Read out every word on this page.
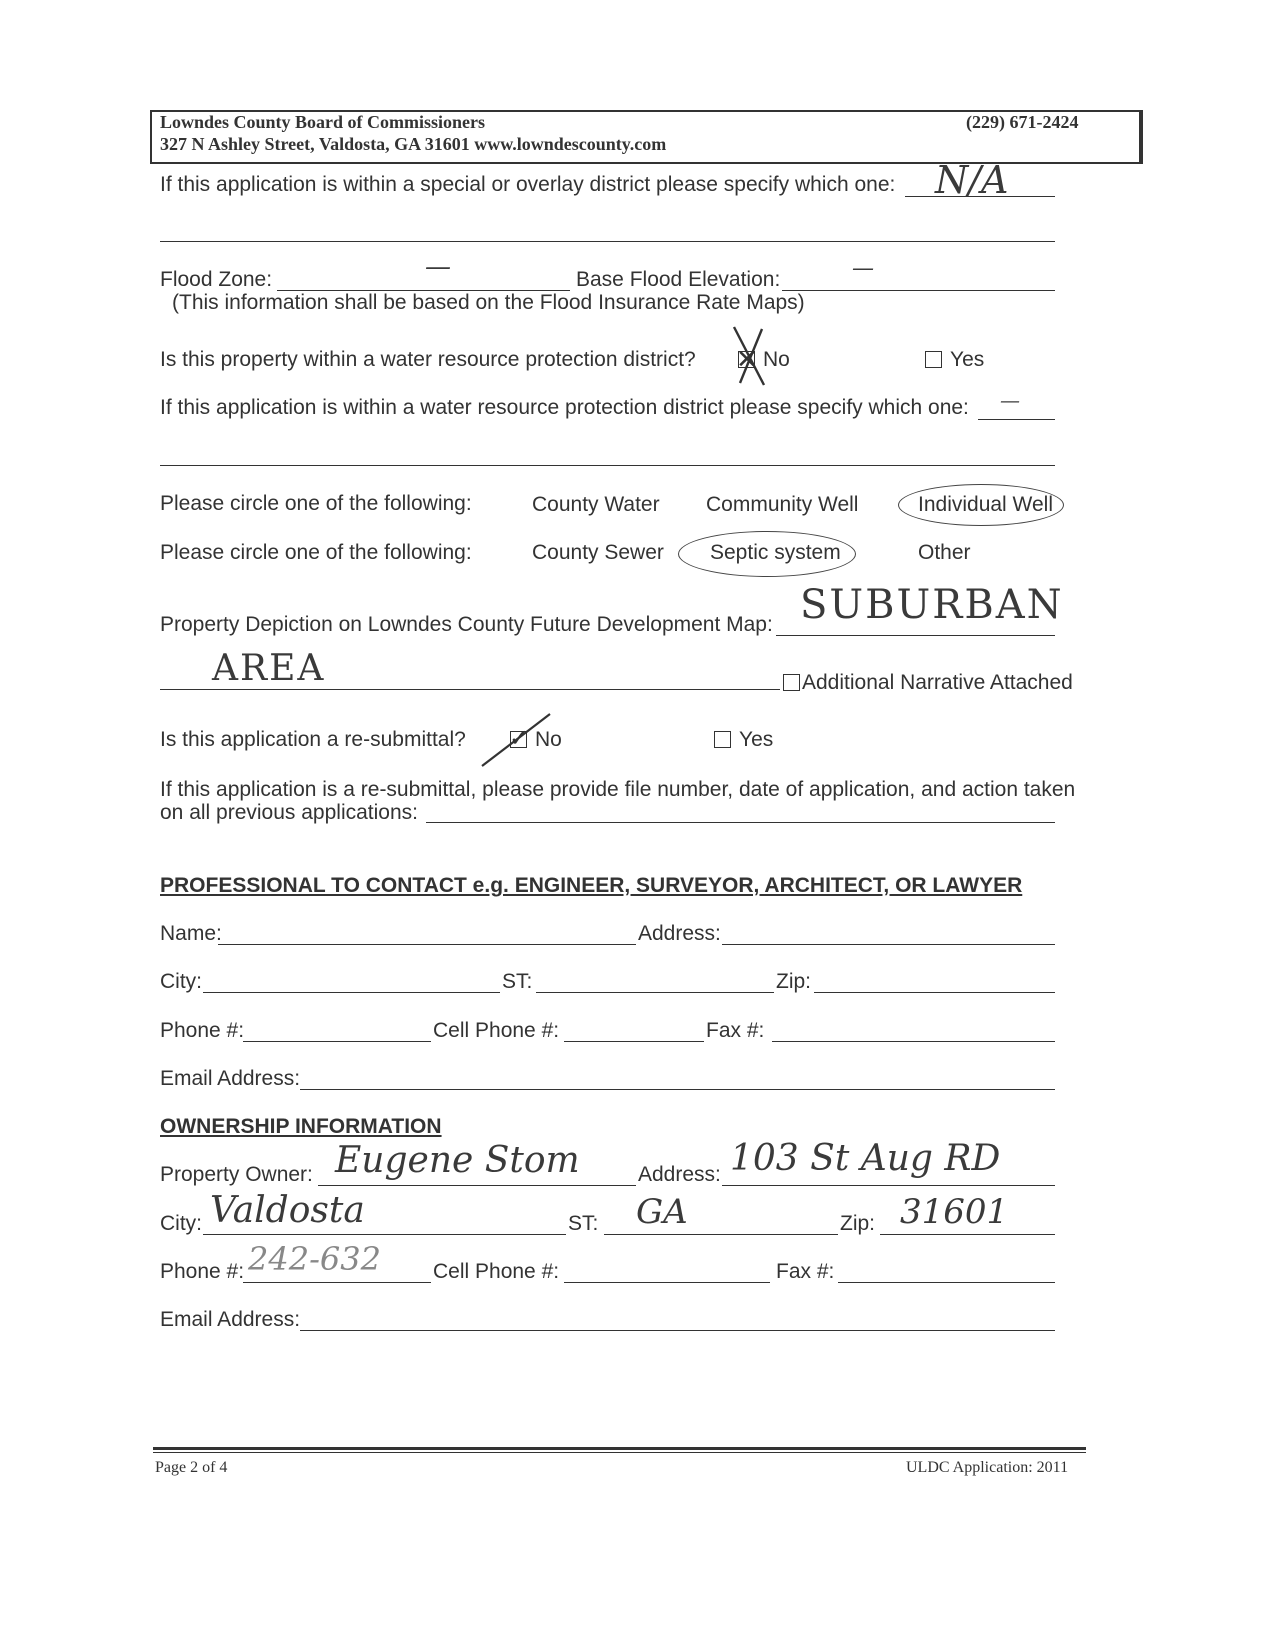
Lowndes County Board of Commissioners	(229) 671-2424
327 N Ashley Street, Valdosta, GA 31601 www.lowndescounty.com
If this application is within a special or overlay district please specify which one: N/A
Flood Zone:	—	Base Flood Elevation:	—
(This information shall be based on the Flood Insurance Rate Maps)
Is this property within a water resource protection district? ✕ No	Yes
If this application is within a water resource protection district please specify which one: —
Please circle one of the following:	County Water Community Well	Individual Well
Please circle one of the following:	County Sewer Septic system	Other
Property Depiction on Lowndes County Future Development Map: SUBURBAN
AREA	Additional Narrative Attached
Is this application a re-submittal? ✓ No	Yes
If this application is a re-submittal, please provide file number, date of application, and action taken
on all previous applications:
PROFESSIONAL TO CONTACT e.g. ENGINEER, SURVEYOR, ARCHITECT, OR LAWYER
Name:	Address:
City:	ST:	Zip:
Phone #:	Cell Phone #:	Fax #:
Email Address:
OWNERSHIP INFORMATION
Property Owner: Eugene Stom	Address: 103 St Aug RD
City: Valdosta	ST: GA	Zip: 31601
Phone #: 242-632 Cell Phone #:	Fax #:
Email Address:
Page 2 of 4	ULDC Application: 2011
